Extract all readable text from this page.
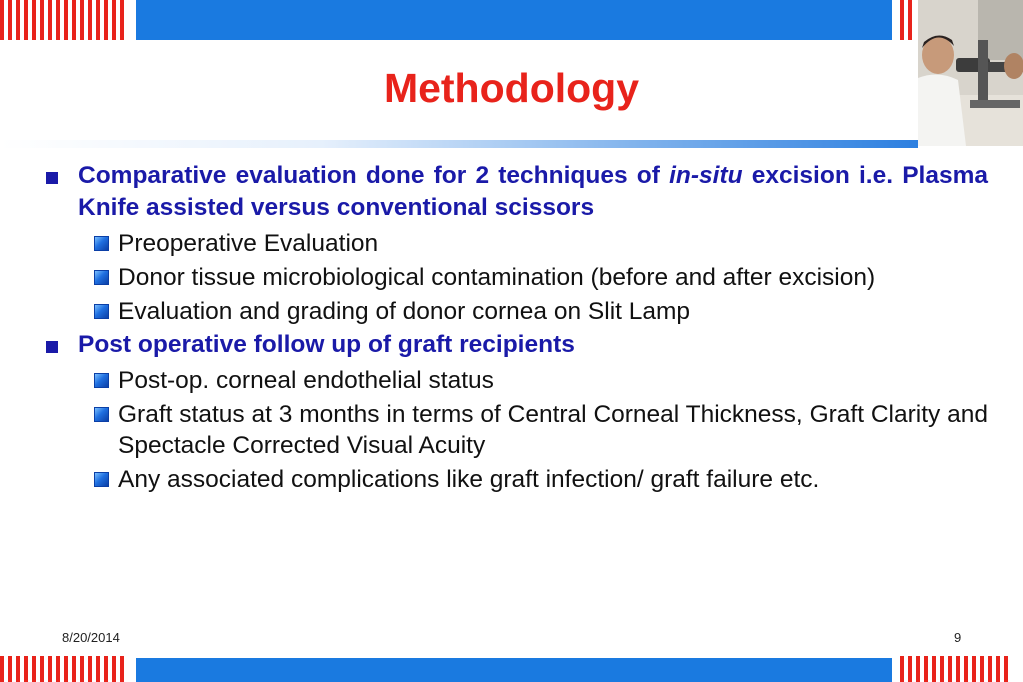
Methodology
Comparative evaluation done for 2 techniques of in-situ excision i.e. Plasma Knife assisted versus conventional scissors
Preoperative Evaluation
Donor tissue microbiological contamination (before and after excision)
Evaluation and grading of donor cornea on Slit Lamp
Post operative follow up of graft recipients
Post-op. corneal endothelial status
Graft status at 3 months in terms of Central Corneal Thickness, Graft Clarity and Spectacle Corrected Visual Acuity
Any associated complications like graft infection/ graft failure etc.
8/20/2014	9
